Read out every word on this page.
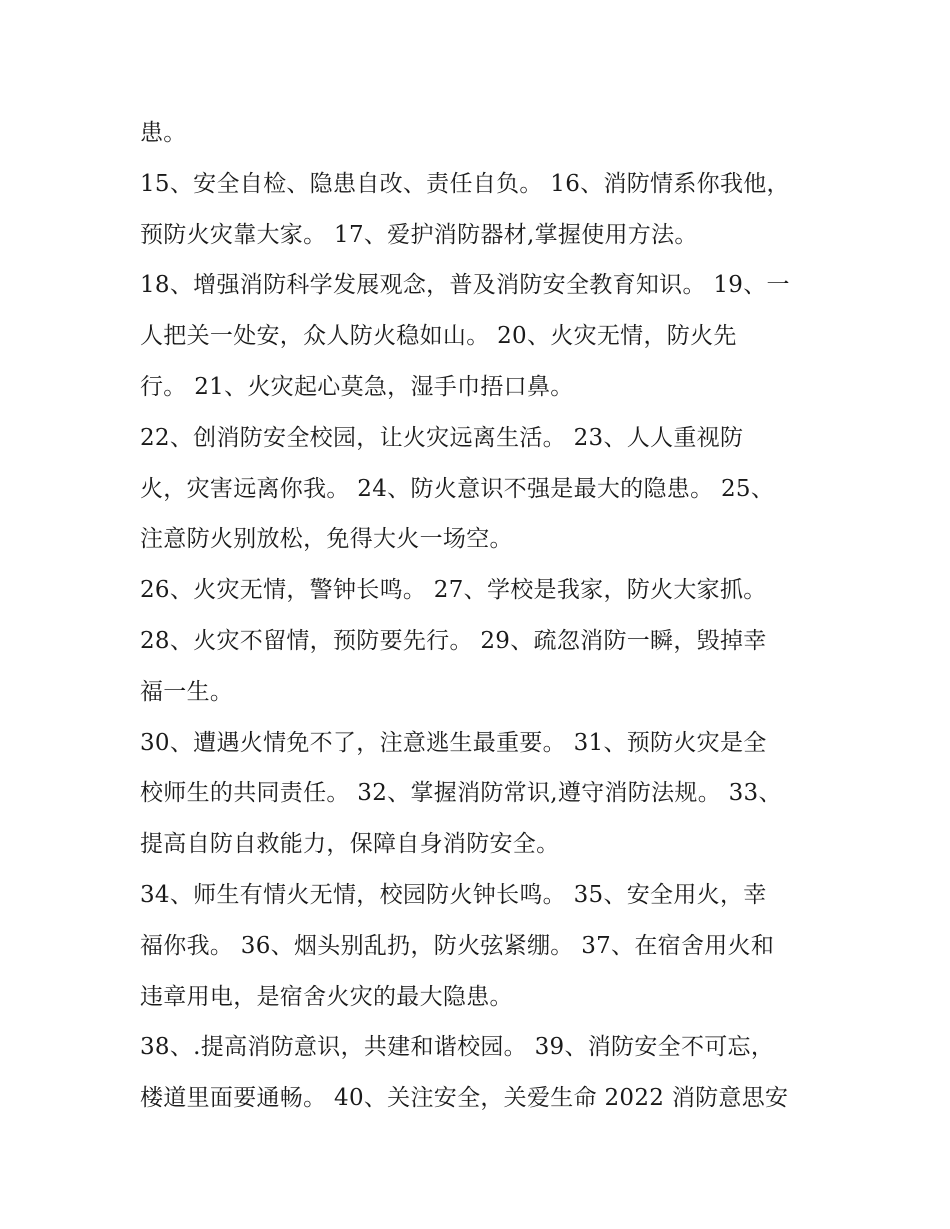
患。
15、安全自检、隐患自改、责任自负。 16、消防情系你我他，
预防火灾靠大家。 17、爱护消防器材,掌握使用方法。
18、增强消防科学发展观念，普及消防安全教育知识。 19、一
人把关一处安，众人防火稳如山。 20、火灾无情，防火先
行。 21、火灾起心莫急，湿手巾捂口鼻。
22、创消防安全校园，让火灾远离生活。 23、人人重视防
火，灾害远离你我。 24、防火意识不强是最大的隐患。 25、
注意防火别放松，免得大火一场空。
26、火灾无情，警钟长鸣。 27、学校是我家，防火大家抓。
28、火灾不留情，预防要先行。 29、疏忽消防一瞬，毁掉幸
福一生。
30、遭遇火情免不了，注意逃生最重要。 31、预防火灾是全
校师生的共同责任。 32、掌握消防常识,遵守消防法规。 33、
提高自防自救能力，保障自身消防安全。
34、师生有情火无情，校园防火钟长鸣。 35、安全用火，幸
福你我。 36、烟头别乱扔，防火弦紧绷。 37、在宿舍用火和
违章用电，是宿舍火灾的最大隐患。
38、.提高消防意识，共建和谐校园。 39、消防安全不可忘，
楼道里面要通畅。 40、关注安全，关爱生命 2022 消防意思安
